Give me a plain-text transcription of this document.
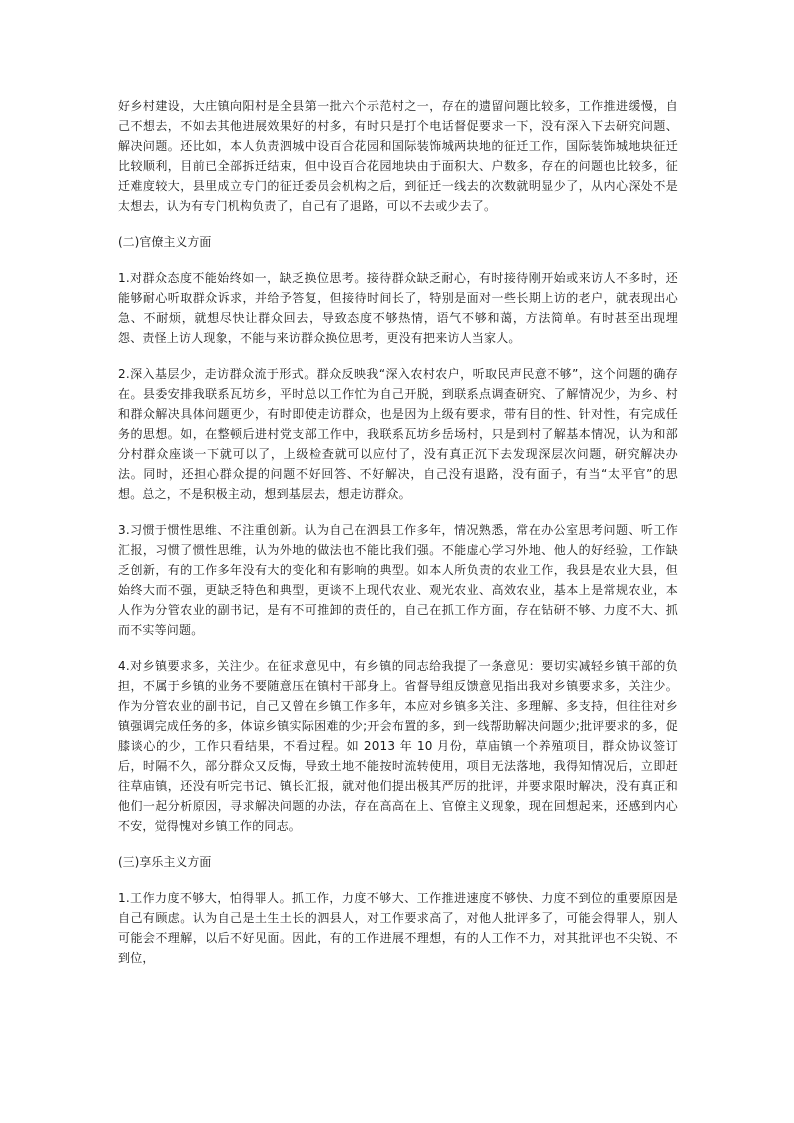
好乡村建设，大庄镇向阳村是全县第一批六个示范村之一，存在的遗留问题比较多，工作推进缓慢，自己不想去，不如去其他进展效果好的村多，有时只是打个电话督促要求一下，没有深入下去研究问题、解决问题。还比如，本人负责泗城中设百合花园和国际装饰城两块地的征迁工作，国际装饰城地块征迁比较顺利，目前已全部拆迁结束，但中设百合花园地块由于面积大、户数多，存在的问题也比较多，征迁难度较大，县里成立专门的征迁委员会机构之后，到征迁一线去的次数就明显少了，从内心深处不是太想去，认为有专门机构负责了，自己有了退路，可以不去或少去了。

(二)官僚主义方面

1.对群众态度不能始终如一，缺乏换位思考。接待群众缺乏耐心，有时接待刚开始或来访人不多时，还能够耐心听取群众诉求，并给予答复，但接待时间长了，特别是面对一些长期上访的老户，就表现出心急、不耐烦，就想尽快让群众回去，导致态度不够热情，语气不够和蔼，方法简单。有时甚至出现埋怨、责怪上访人现象，不能与来访群众换位思考，更没有把来访人当家人。

2.深入基层少，走访群众流于形式。群众反映我“深入农村农户，听取民声民意不够”，这个问题的确存在。县委安排我联系瓦坊乡，平时总以工作忙为自己开脱，到联系点调查研究、了解情况少，为乡、村和群众解决具体问题更少，有时即使走访群众，也是因为上级有要求，带有目的性、针对性，有完成任务的思想。如，在整顿后进村党支部工作中，我联系瓦坊乡岳场村，只是到村了解基本情况，认为和部分村群众座谈一下就可以了，上级检查就可以应付了，没有真正沉下去发现深层次问题，研究解决办法。同时，还担心群众提的问题不好回答、不好解决，自己没有退路，没有面子，有当“太平官”的思想。总之，不是积极主动，想到基层去，想走访群众。

3.习惯于惯性思维、不注重创新。认为自己在泗县工作多年，情况熟悉，常在办公室思考问题、听工作汇报，习惯了惯性思维，认为外地的做法也不能比我们强。不能虚心学习外地、他人的好经验，工作缺乏创新，有的工作多年没有大的变化和有影响的典型。如本人所负责的农业工作，我县是农业大县，但始终大而不强，更缺乏特色和典型，更谈不上现代农业、观光农业、高效农业，基本上是常规农业，本人作为分管农业的副书记，是有不可推卸的责任的，自己在抓工作方面，存在钻研不够、力度不大、抓而不实等问题。

4.对乡镇要求多，关注少。在征求意见中，有乡镇的同志给我提了一条意见：要切实减轻乡镇干部的负担，不属于乡镇的业务不要随意压在镇村干部身上。省督导组反馈意见指出我对乡镇要求多，关注少。作为分管农业的副书记，自己又曾在乡镇工作多年，本应对乡镇多关注、多理解、多支持，但往往对乡镇强调完成任务的多，体谅乡镇实际困难的少;开会布置的多，到一线帮助解决问题少;批评要求的多，促膝谈心的少，工作只看结果，不看过程。如 2013 年 10 月份，草庙镇一个养殖项目，群众协议签订后，时隔不久，部分群众又反悔，导致土地不能按时流转使用，项目无法落地，我得知情况后，立即赶往草庙镇，还没有听完书记、镇长汇报，就对他们提出极其严厉的批评，并要求限时解决，没有真正和他们一起分析原因，寻求解决问题的办法，存在高高在上、官僚主义现象，现在回想起来，还感到内心不安，觉得愧对乡镇工作的同志。

(三)享乐主义方面

1.工作力度不够大，怕得罪人。抓工作，力度不够大、工作推进速度不够快、力度不到位的重要原因是自己有顾虑。认为自己是土生土长的泗县人，对工作要求高了，对他人批评多了，可能会得罪人，别人可能会不理解，以后不好见面。因此，有的工作进展不理想，有的人工作不力，对其批评也不尖锐、不到位，
